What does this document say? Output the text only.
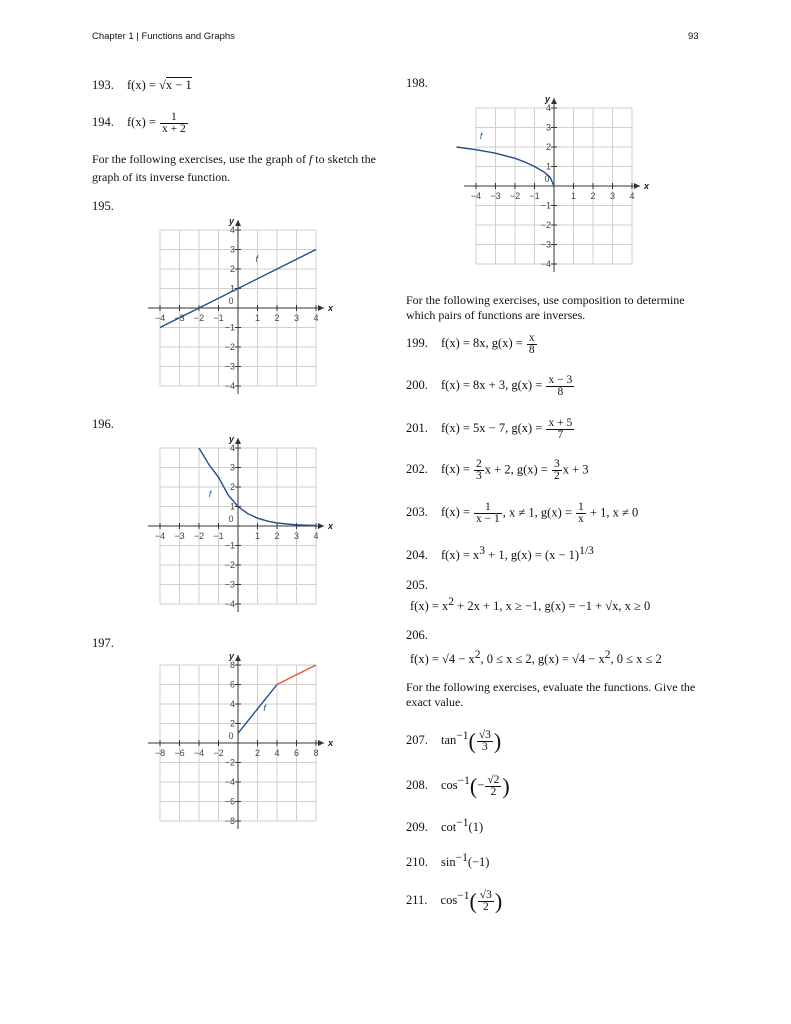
Chapter 1 | Functions and Graphs	93
193. f(x) = √x − 1
194. $f(x) = \frac{1}{x + 2}$
For the following exercises, use the graph of f to sketch the graph of its inverse function.
195.
196.
197.
198.
x
y
−4 −3 −2 −1
0
1 2 3 4
4
3
2
1
−1
−2
−3
−4
f
x
y
−4 −3 −2 −1
0
1 2 3 4
4
3
2
1
−1
−2
−3
−4
f
x
y
−8 −6 −4 −2
0
2 4 6 8
8
6
4
2
−2
−4
−6
−8
f
x
y
−4 −3 −2 −1
0
1 2 3 4
4
3
2
1
−1
−2
−3
−4
f
For the following exercises, use composition to determine which pairs of functions are inverses.
199. f(x) = 8x, $g(x) = \frac{x}{8}$
200. f(x) = 8x + 3, $g(x) = \frac{x - 3}{8}$
201. f(x) = 5x − 7, $g(x) = \frac{x + 5}{7}$
202. $f(x) = \frac{2}{3}$ x + 2, $g(x) = \frac{3}{2}$ x + 3
203. $f(x) = \frac{1}{x - 1}$ , x ≠ 1, $g(x) = \frac{1}{x} + 1$, x ≠ 0
204. $f(x) = x^3 + 1$, $g(x) = (x - 1)^{1/3}$
205.
$f(x) = x^2 + 2x + 1$, x ≥ −1, g(x) = −1 + √x, x ≥ 0
206.
$f(x) = √4 - x^2$, 0 ≤ x ≤ 2, $g(x) = √4 - x^2$, 0 ≤ x ≤ 2
For the following exercises, evaluate the functions. Give the exact value.
207. $\tan^{-1}( \frac{√3}{3}$ )
208. $\cos^{-1}(- \frac{√2}{2}$ )
209. $\cot^{-1}(1)$
210. $\sin^{-1}(-1)$
211. $\cos^{-1}( \frac{√3}{2}$ )
